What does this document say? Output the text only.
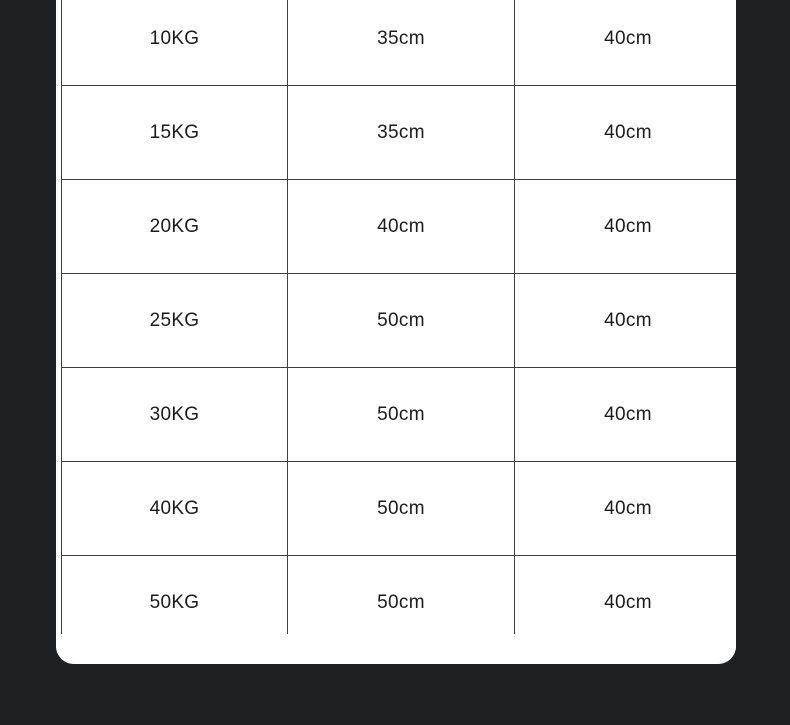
10KG	35cm	40cm
15KG	35cm	40cm
20KG	40cm	40cm
25KG	50cm	40cm
30KG	50cm	40cm
40KG	50cm	40cm
50KG	50cm	40cm
